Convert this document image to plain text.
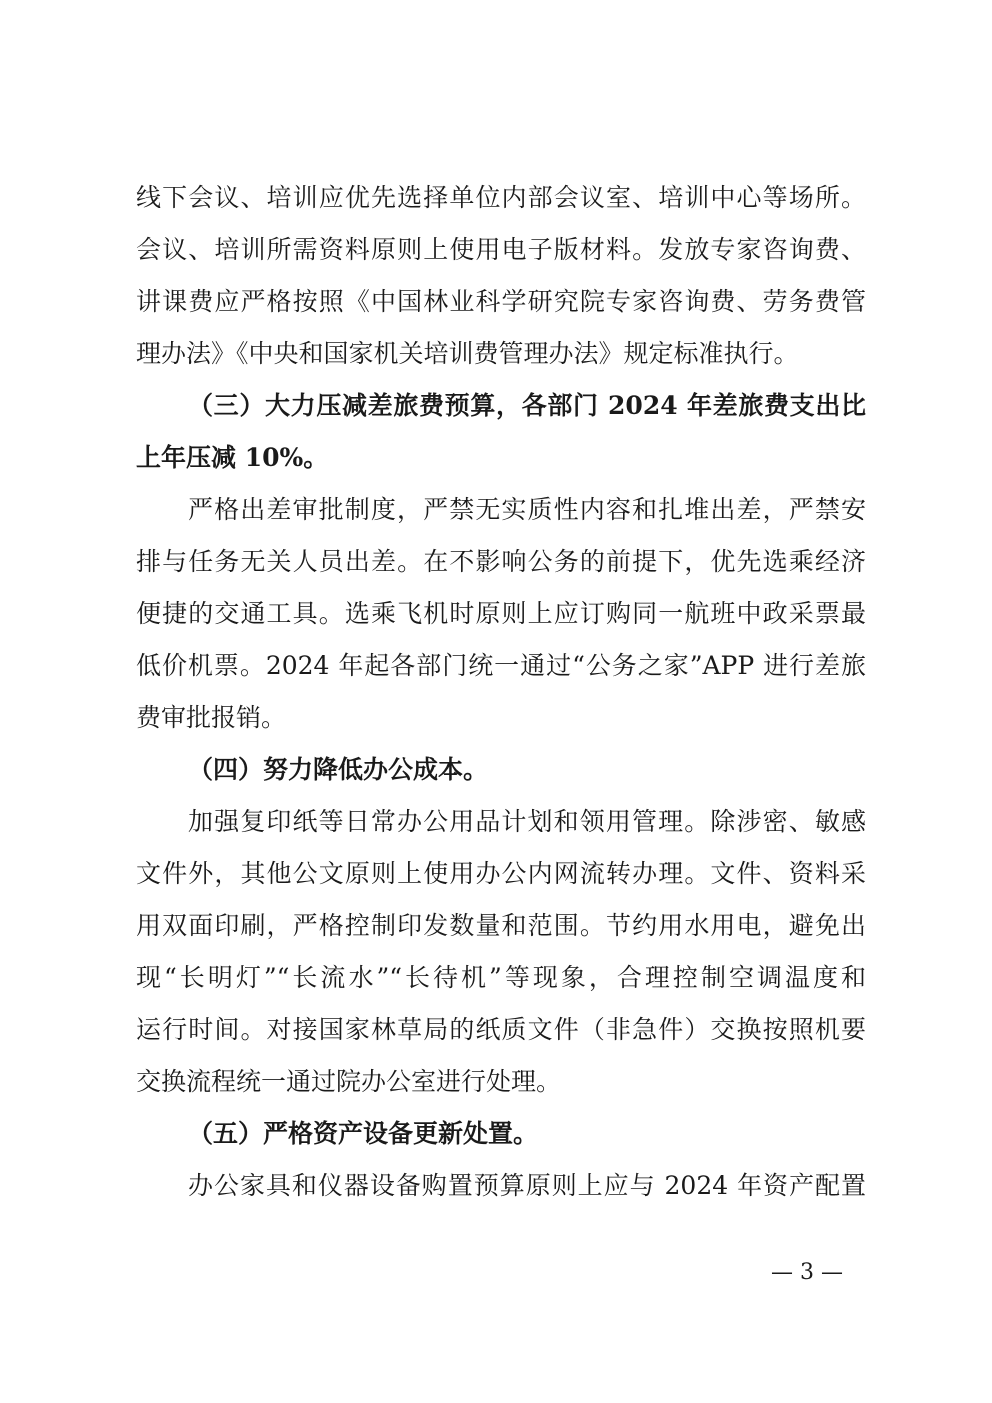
线下会议、培训应优先选择单位内部会议室、培训中心等场所。
会议、培训所需资料原则上使用电子版材料。发放专家咨询费、
讲课费应严格按照《中国林业科学研究院专家咨询费、劳务费管
理办法》《中央和国家机关培训费管理办法》规定标准执行。
（三）大力压减差旅费预算，各部门 2024 年差旅费支出比
上年压减 10%。
严格出差审批制度，严禁无实质性内容和扎堆出差，严禁安
排与任务无关人员出差。在不影响公务的前提下，优先选乘经济
便捷的交通工具。选乘飞机时原则上应订购同一航班中政采票最
低价机票。2024 年起各部门统一通过“公务之家”APP 进行差旅
费审批报销。
（四）努力降低办公成本。
加强复印纸等日常办公用品计划和领用管理。除涉密、敏感
文件外，其他公文原则上使用办公内网流转办理。文件、资料采
用双面印刷，严格控制印发数量和范围。节约用水用电，避免出
现“长明灯”“长流水”“长待机”等现象，合理控制空调温度和
运行时间。对接国家林草局的纸质文件（非急件）交换按照机要
交换流程统一通过院办公室进行处理。
（五）严格资产设备更新处置。
办公家具和仪器设备购置预算原则上应与 2024 年资产配置
— 3 —
